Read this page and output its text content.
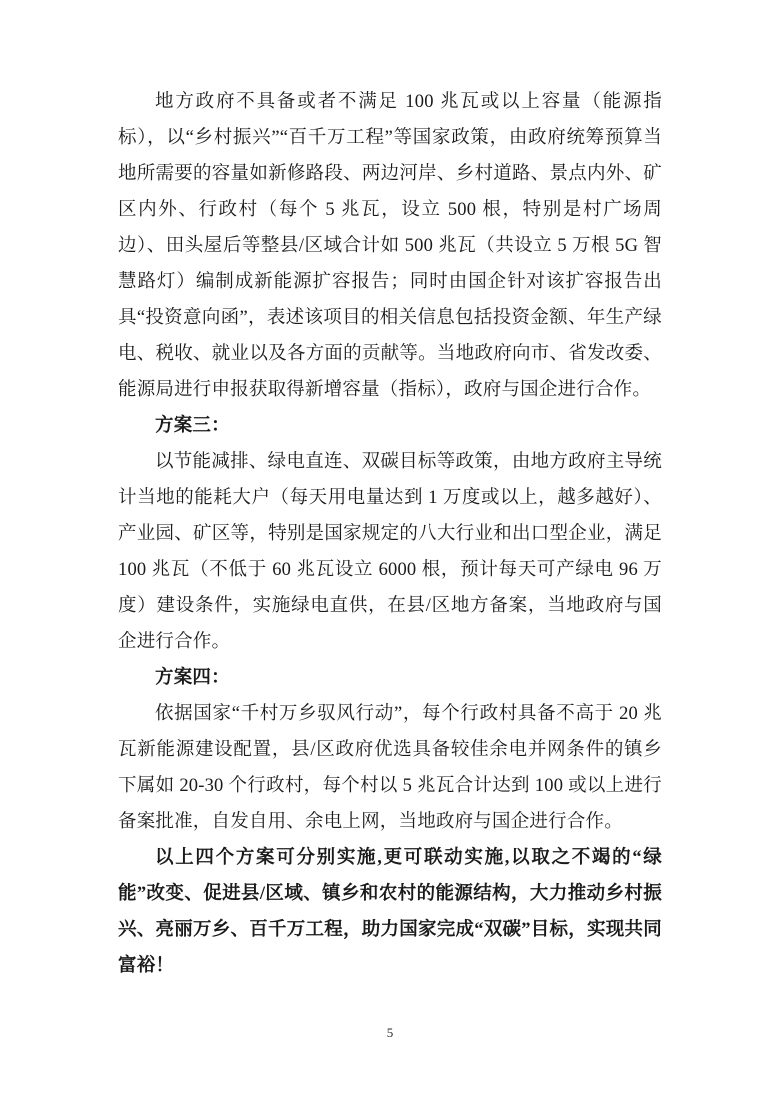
地方政府不具备或者不满足 100 兆瓦或以上容量（能源指标），以“乡村振兴”“百千万工程”等国家政策，由政府统筹预算当地所需要的容量如新修路段、两边河岸、乡村道路、景点内外、矿区内外、行政村（每个 5 兆瓦，设立 500 根，特别是村广场周边）、田头屋后等整县/区域合计如 500 兆瓦（共设立 5 万根 5G 智慧路灯）编制成新能源扩容报告；同时由国企针对该扩容报告出具“投资意向函”，表述该项目的相关信息包括投资金额、年生产绿电、税收、就业以及各方面的贡献等。当地政府向市、省发改委、能源局进行申报获取得新增容量（指标），政府与国企进行合作。

方案三：

以节能减排、绿电直连、双碳目标等政策，由地方政府主导统计当地的能耗大户（每天用电量达到 1 万度或以上，越多越好）、产业园、矿区等，特别是国家规定的八大行业和出口型企业，满足 100 兆瓦（不低于 60 兆瓦设立 6000 根，预计每天可产绿电 96 万度）建设条件，实施绿电直供，在县/区地方备案，当地政府与国企进行合作。

方案四：

依据国家“千村万乡驭风行动”，每个行政村具备不高于 20 兆瓦新能源建设配置，县/区政府优选具备较佳余电并网条件的镇乡下属如 20-30 个行政村，每个村以 5 兆瓦合计达到 100 或以上进行备案批准，自发自用、余电上网，当地政府与国企进行合作。

以上四个方案可分别实施,更可联动实施,以取之不竭的“绿能”改变、促进县/区域、镇乡和农村的能源结构，大力推动乡村振兴、亮丽万乡、百千万工程，助力国家完成“双碳”目标，实现共同富裕！

5
